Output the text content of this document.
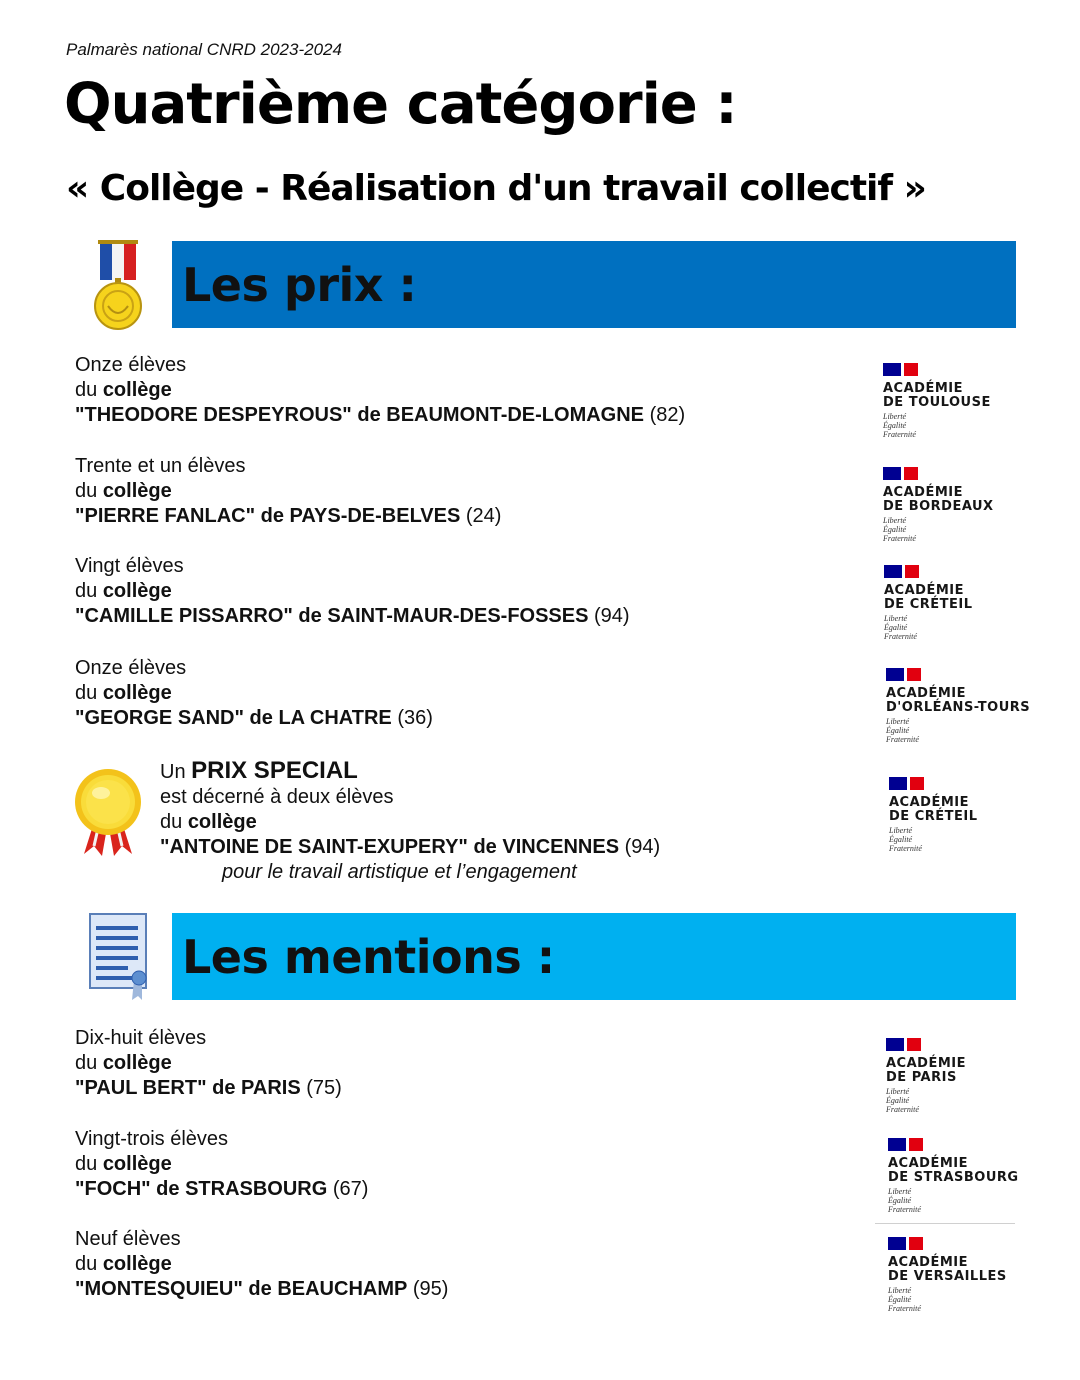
Palmarès national CNRD 2023-2024
Quatrième catégorie :
« Collège - Réalisation d'un travail collectif »
Les prix :
Onze élèves
du collège
"THEODORE DESPEYROUS" de BEAUMONT-DE-LOMAGNE (82)
Trente et un élèves
du collège
"PIERRE FANLAC" de PAYS-DE-BELVES (24)
Vingt élèves
du collège
"CAMILLE PISSARRO" de SAINT-MAUR-DES-FOSSES (94)
Onze élèves
du collège
"GEORGE SAND" de LA CHATRE (36)
Un PRIX SPECIAL
est décerné à deux élèves
du collège
"ANTOINE DE SAINT-EXUPERY" de VINCENNES (94)
pour le travail artistique et l’engagement
Les mentions :
Dix-huit élèves
du collège
"PAUL BERT" de PARIS (75)
Vingt-trois élèves
du collège
"FOCH" de STRASBOURG (67)
Neuf élèves
du collège
"MONTESQUIEU" de BEAUCHAMP (95)
ACADÉMIE
DE TOULOUSE
Liberté
Égalité
Fraternité
ACADÉMIE
DE BORDEAUX
Liberté
Égalité
Fraternité
ACADÉMIE
DE CRÉTEIL
Liberté
Égalité
Fraternité
ACADÉMIE
D'ORLÉANS-TOURS
Liberté
Égalité
Fraternité
ACADÉMIE
DE CRÉTEIL
Liberté
Égalité
Fraternité
ACADÉMIE
DE PARIS
Liberté
Égalité
Fraternité
ACADÉMIE
DE STRASBOURG
Liberté
Égalité
Fraternité
ACADÉMIE
DE VERSAILLES
Liberté
Égalité
Fraternité
